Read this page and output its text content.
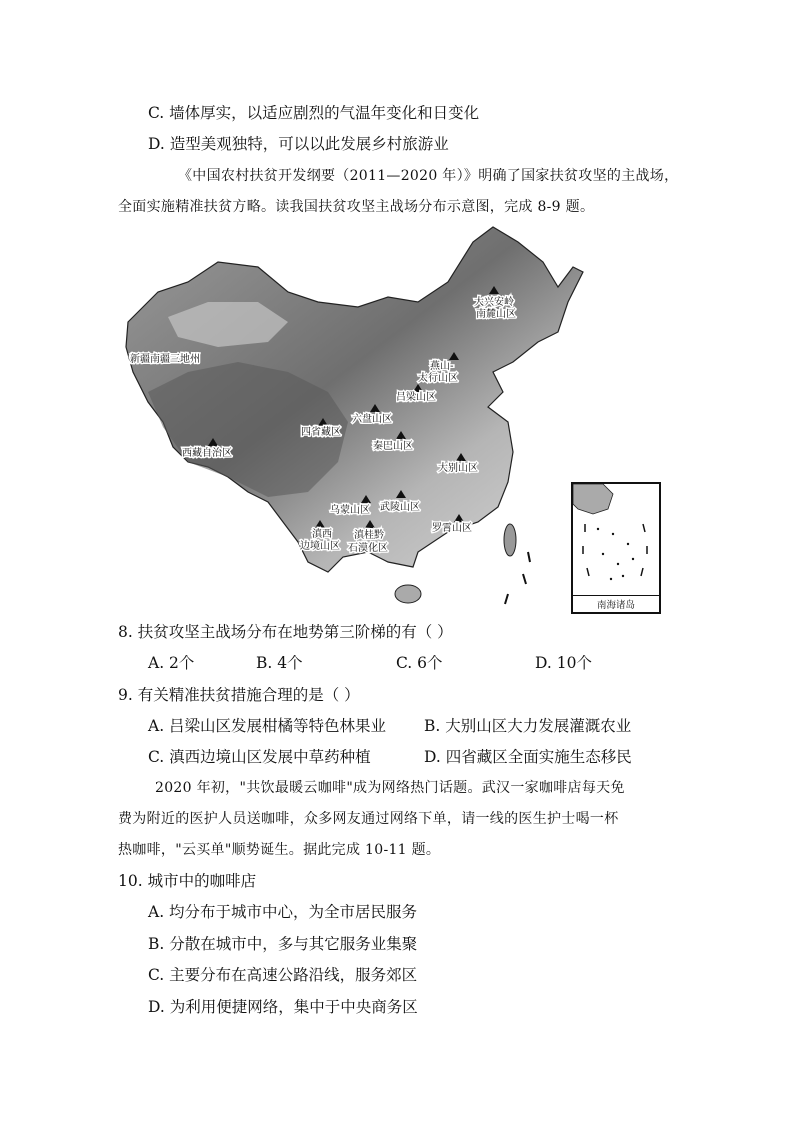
C. 墙体厚实，以适应剧烈的气温年变化和日变化
D. 造型美观独特，可以以此发展乡村旅游业
《中国农村扶贫开发纲要（2011—2020 年）》明确了国家扶贫攻坚的主战场，
全面实施精准扶贫方略。读我国扶贫攻坚主战场分布示意图，完成 8-9 题。
大兴安岭
南麓山区
新疆南疆三地州
燕山-
太行山区
吕梁山区
六盘山区
四省藏区
秦巴山区
西藏自治区
大别山区
乌蒙山区 武陵山区
滇西
边境山区
滇桂黔
石漠化区
罗霄山区
南海诸岛
8. 扶贫攻坚主战场分布在地势第三阶梯的有（ ）
A. 2个	B. 4个	C. 6个	D. 10个
9. 有关精准扶贫措施合理的是（ ）
A. 吕梁山区发展柑橘等特色林果业 B. 大别山区大力发展灌溉农业
C. 滇西边境山区发展中草药种植	D. 四省藏区全面实施生态移民
2020 年初，"共饮最暖云咖啡"成为网络热门话题。武汉一家咖啡店每天免
费为附近的医护人员送咖啡，众多网友通过网络下单，请一线的医生护士喝一杯
热咖啡，"云买单"顺势诞生。据此完成 10-11 题。
10. 城市中的咖啡店
A. 均分布于城市中心，为全市居民服务
B. 分散在城市中，多与其它服务业集聚
C. 主要分布在高速公路沿线，服务郊区
D. 为利用便捷网络，集中于中央商务区
